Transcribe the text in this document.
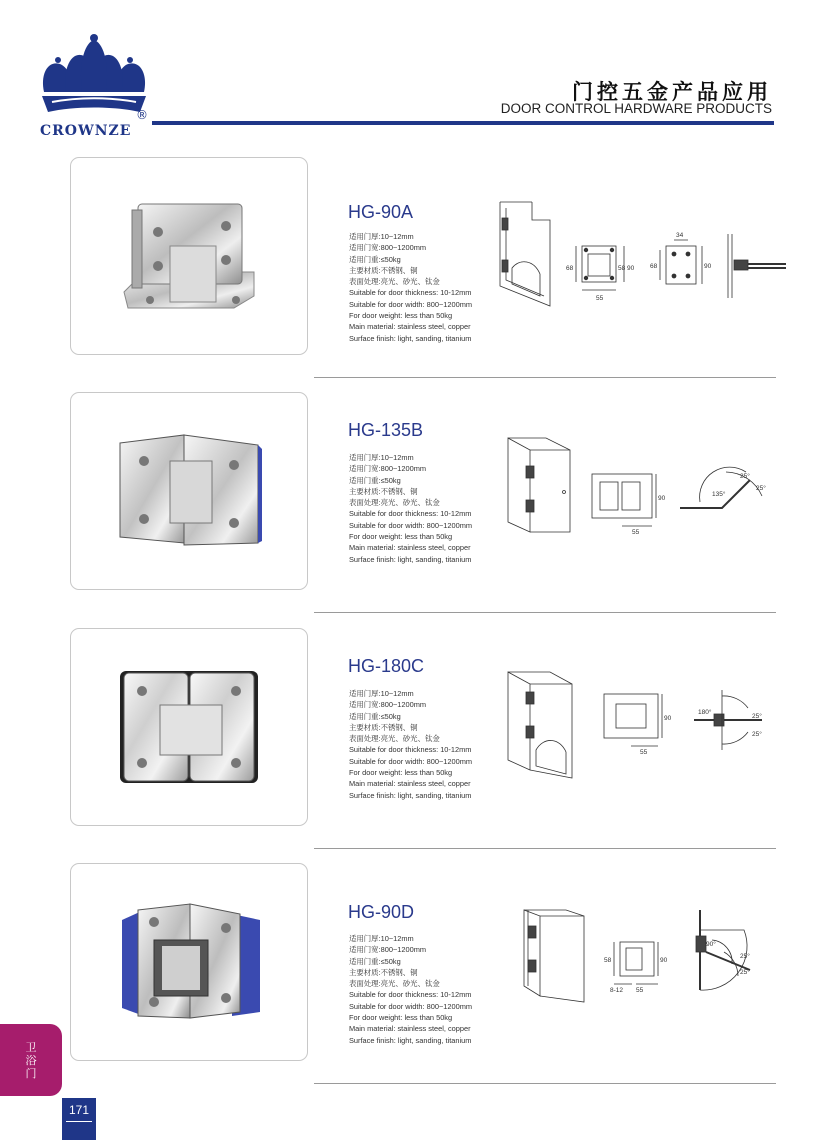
CROWNZE
®
门控五金产品应用
DOOR CONTROL HARDWARE PRODUCTS
HG-90A
适用门厚:10~12mm
适用门宽:800~1200mm
适用门重:≤50kg
主要材质:不锈钢、铜
表面处理:亮光、砂光、钛金
Suitable for door thickness: 10-12mm
Suitable for door width: 800~1200mm
For door weight: less than 50kg
Main material: stainless steel, copper
Surface finish: light, sanding, titanium
68	58 90
55
34
68	90
HG-135B
适用门厚:10~12mm
适用门宽:800~1200mm
适用门重:≤50kg
主要材质:不锈钢、铜
表面处理:亮光、砂光、钛金
Suitable for door thickness: 10-12mm
Suitable for door width: 800~1200mm
For door weight: less than 50kg
Main material: stainless steel, copper
Surface finish: light, sanding, titanium
90
55
135°
25°
25°
HG-180C
适用门厚:10~12mm
适用门宽:800~1200mm
适用门重:≤50kg
主要材质:不锈钢、铜
表面处理:亮光、砂光、钛金
Suitable for door thickness: 10-12mm
Suitable for door width: 800~1200mm
For door weight: less than 50kg
Main material: stainless steel, copper
Surface finish: light, sanding, titanium
90
55
180°
25°
25°
HG-90D
适用门厚:10~12mm
适用门宽:800~1200mm
适用门重:≤50kg
主要材质:不锈钢、铜
表面处理:亮光、砂光、钛金
Suitable for door thickness: 10-12mm
Suitable for door width: 800~1200mm
For door weight: less than 50kg
Main material: stainless steel, copper
Surface finish: light, sanding, titanium
58	90
8-12 55
90°
25°
25°
卫
浴
门
171
